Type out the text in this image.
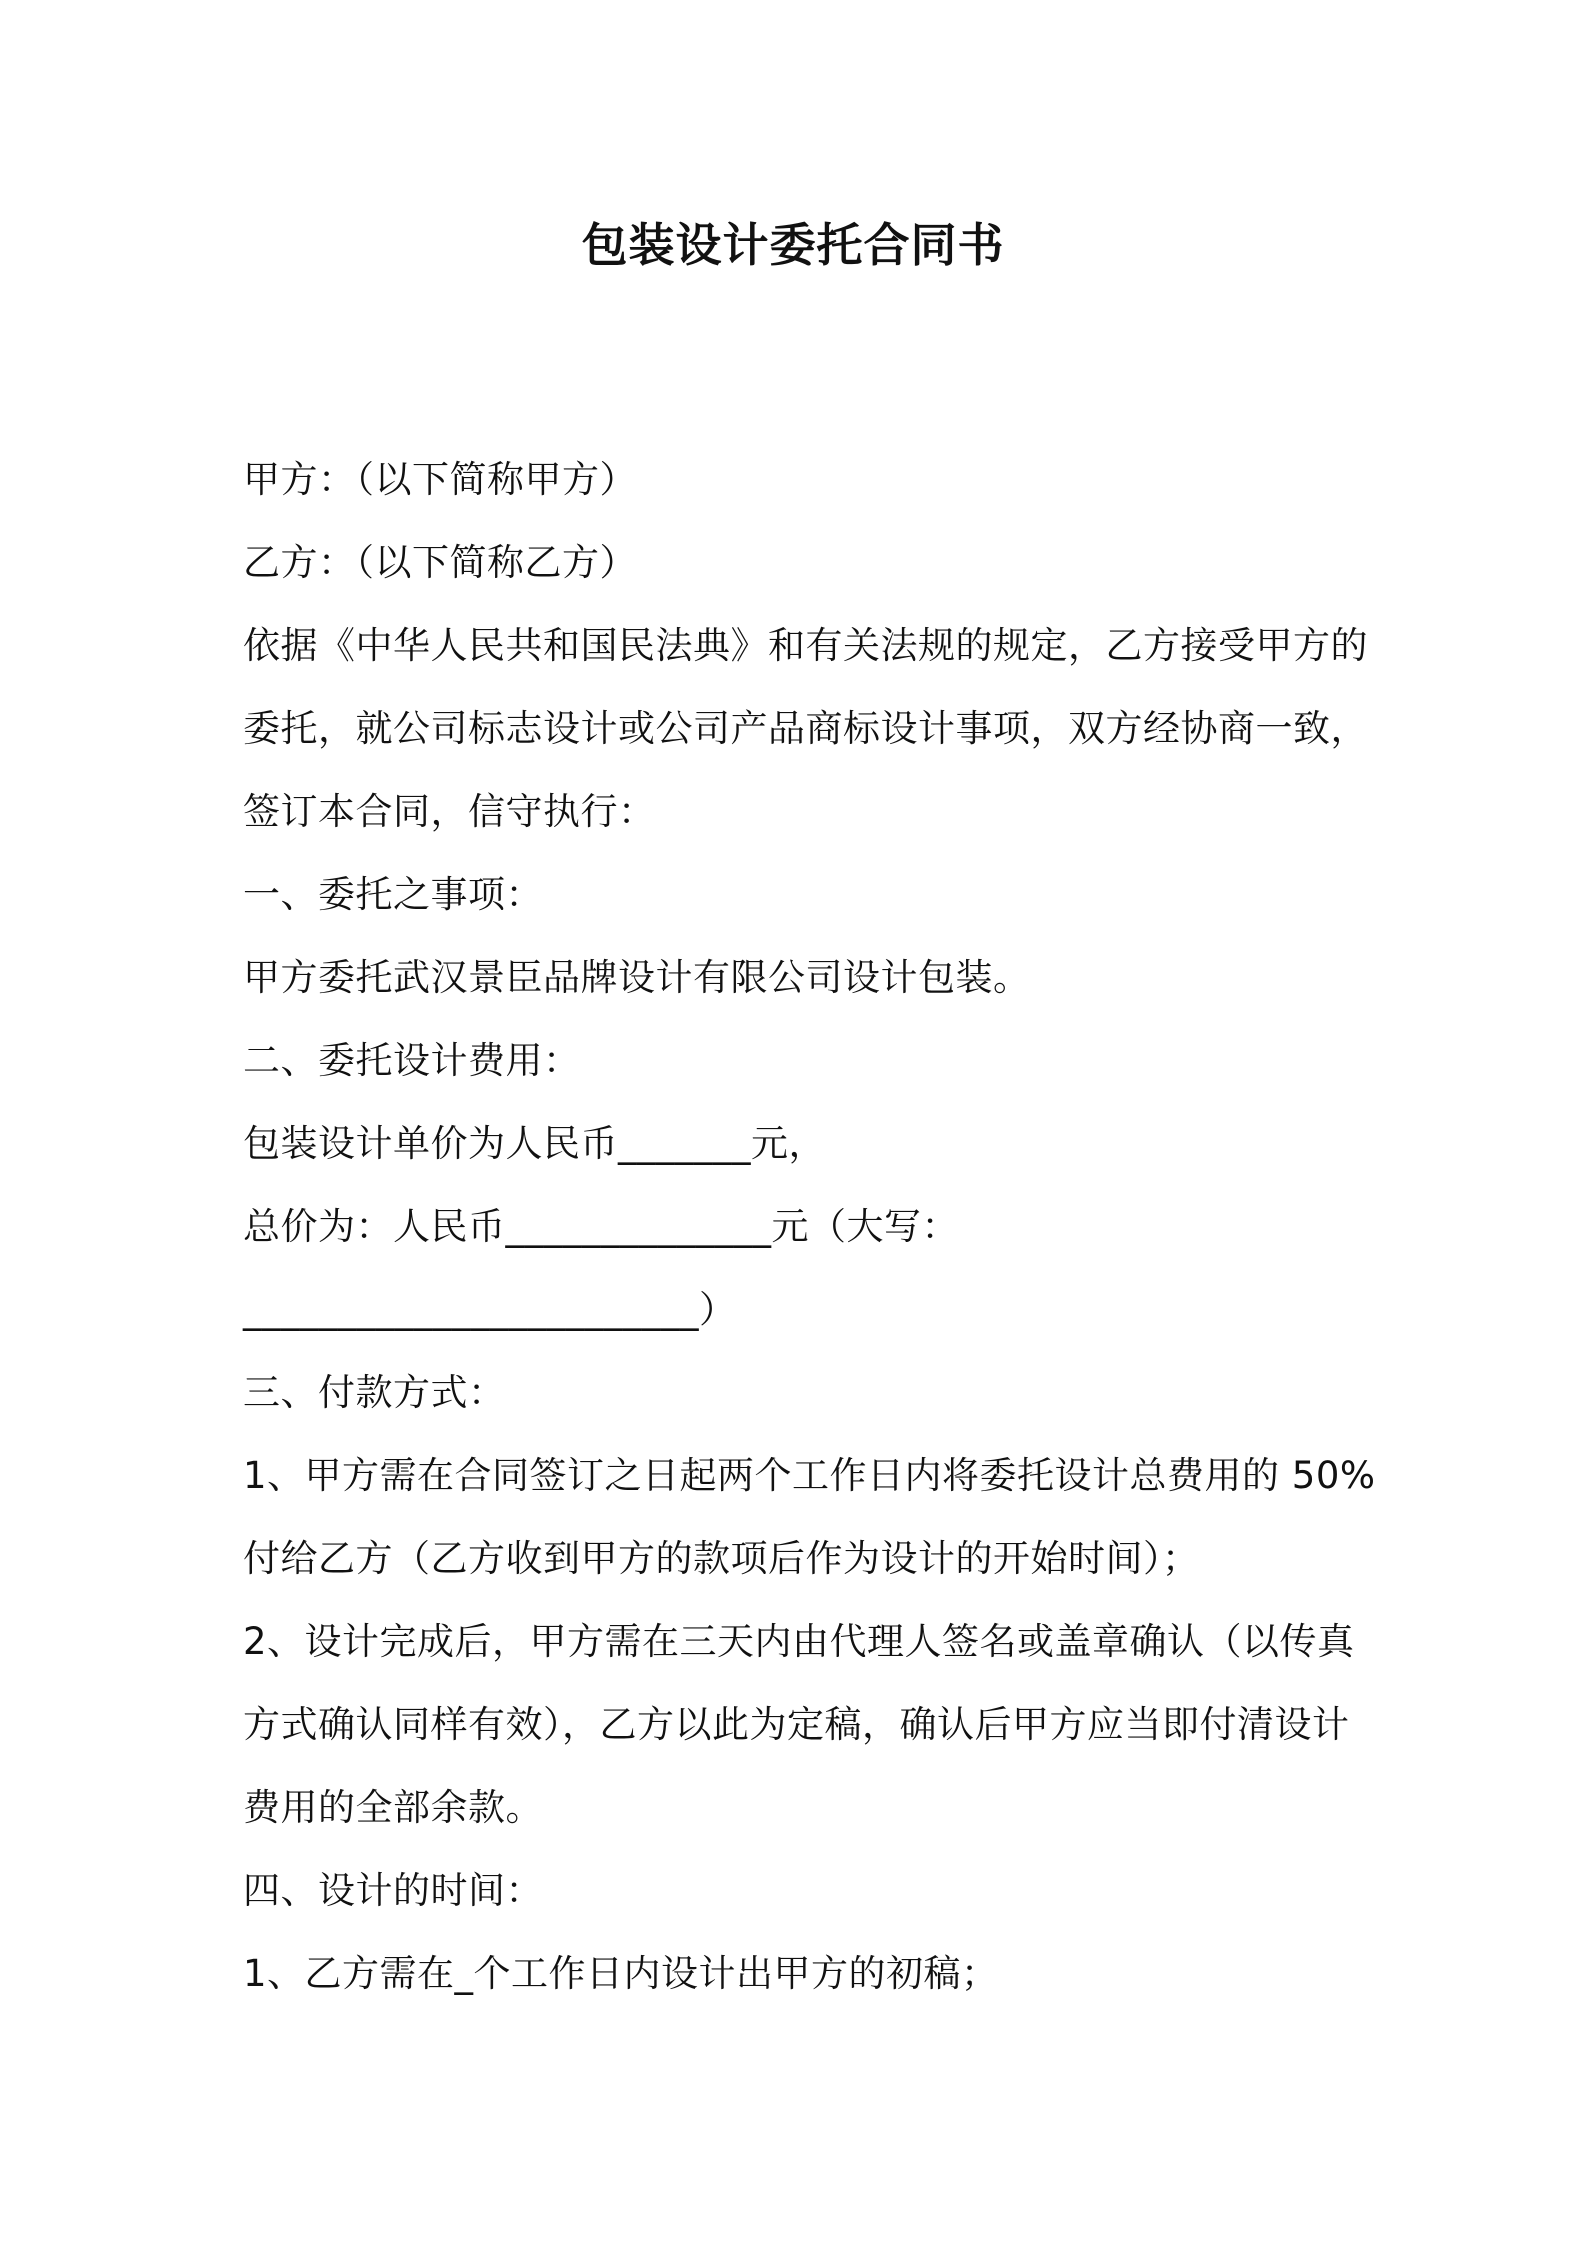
包装设计委托合同书
甲方：（以下简称甲方）
乙方：（以下简称乙方）
依据《中华人民共和国民法典》和有关法规的规定，乙方接受甲方的
委托，就公司标志设计或公司产品商标设计事项，双方经协商一致，
签订本合同，信守执行：
一、委托之事项：
甲方委托武汉景臣品牌设计有限公司设计包装。
二、委托设计费用：
包装设计单价为人民币_______元，
总价为：人民币______________元（大写：
________________________）
三、付款方式：
1、甲方需在合同签订之日起两个工作日内将委托设计总费用的 50%
付给乙方（乙方收到甲方的款项后作为设计的开始时间）；
2、设计完成后，甲方需在三天内由代理人签名或盖章确认（以传真
方式确认同样有效），乙方以此为定稿，确认后甲方应当即付清设计
费用的全部余款。
四、设计的时间：
1、乙方需在_个工作日内设计出甲方的初稿；
